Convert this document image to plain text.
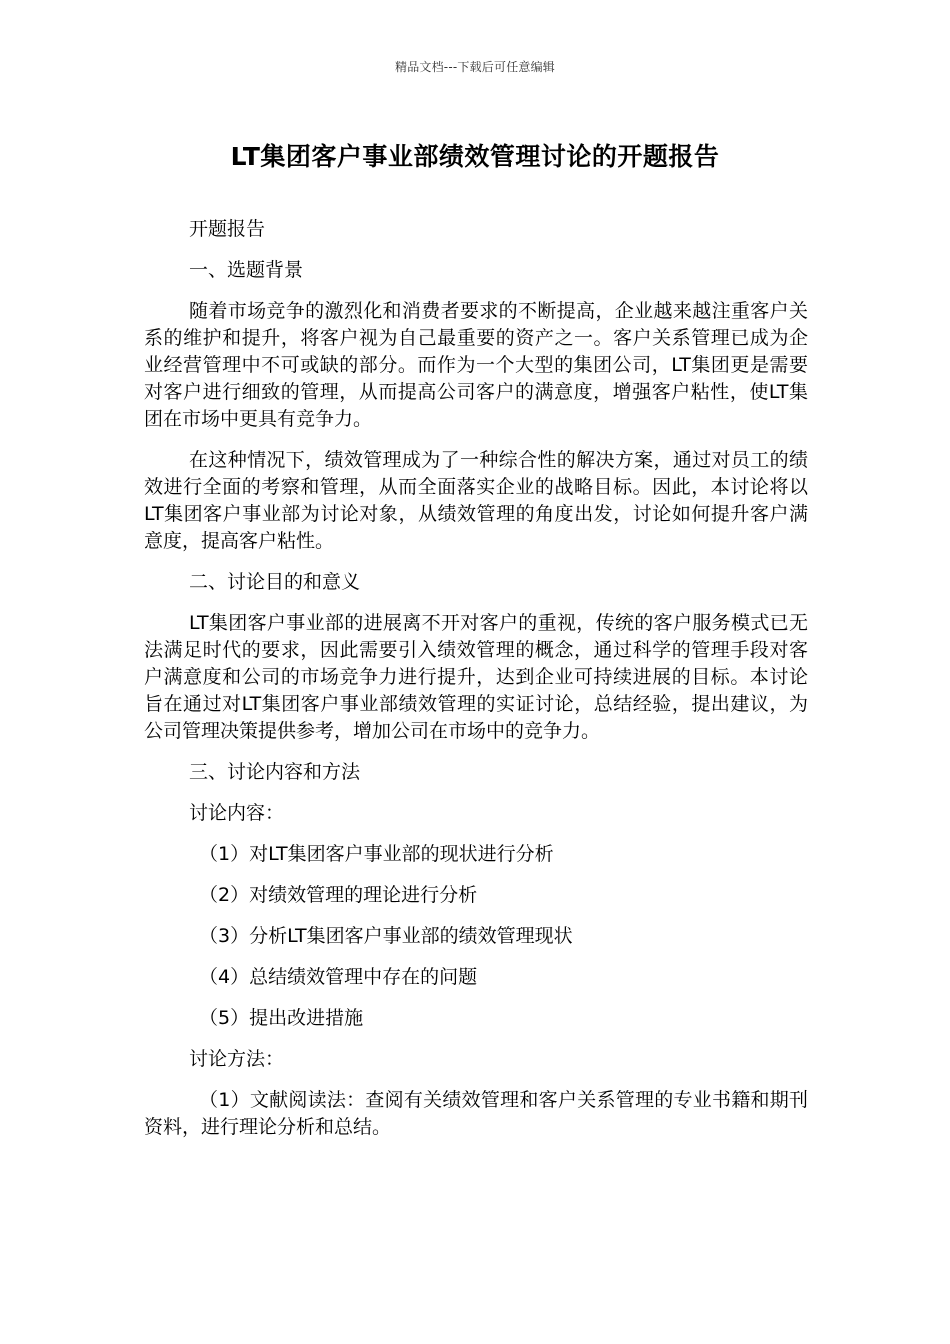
精品文档---下载后可任意编辑
LT集团客户事业部绩效管理讨论的开题报告

开题报告

一、选题背景

随着市场竞争的激烈化和消费者要求的不断提高，企业越来越注重客户关系的维护和提升，将客户视为自己最重要的资产之一。客户关系管理已成为企业经营管理中不可或缺的部分。而作为一个大型的集团公司，LT集团更是需要对客户进行细致的管理，从而提高公司客户的满意度，增强客户粘性，使LT集团在市场中更具有竞争力。

在这种情况下，绩效管理成为了一种综合性的解决方案，通过对员工的绩效进行全面的考察和管理，从而全面落实企业的战略目标。因此，本讨论将以LT集团客户事业部为讨论对象，从绩效管理的角度出发，讨论如何提升客户满意度，提高客户粘性。

二、讨论目的和意义

LT集团客户事业部的进展离不开对客户的重视，传统的客户服务模式已无法满足时代的要求，因此需要引入绩效管理的概念，通过科学的管理手段对客户满意度和公司的市场竞争力进行提升，达到企业可持续进展的目标。本讨论旨在通过对LT集团客户事业部绩效管理的实证讨论，总结经验，提出建议，为公司管理决策提供参考，增加公司在市场中的竞争力。

三、讨论内容和方法

讨论内容：

（1）对LT集团客户事业部的现状进行分析

（2）对绩效管理的理论进行分析

（3）分析LT集团客户事业部的绩效管理现状

（4）总结绩效管理中存在的问题

（5）提出改进措施

讨论方法：

（1）文献阅读法：查阅有关绩效管理和客户关系管理的专业书籍和期刊资料，进行理论分析和总结。
